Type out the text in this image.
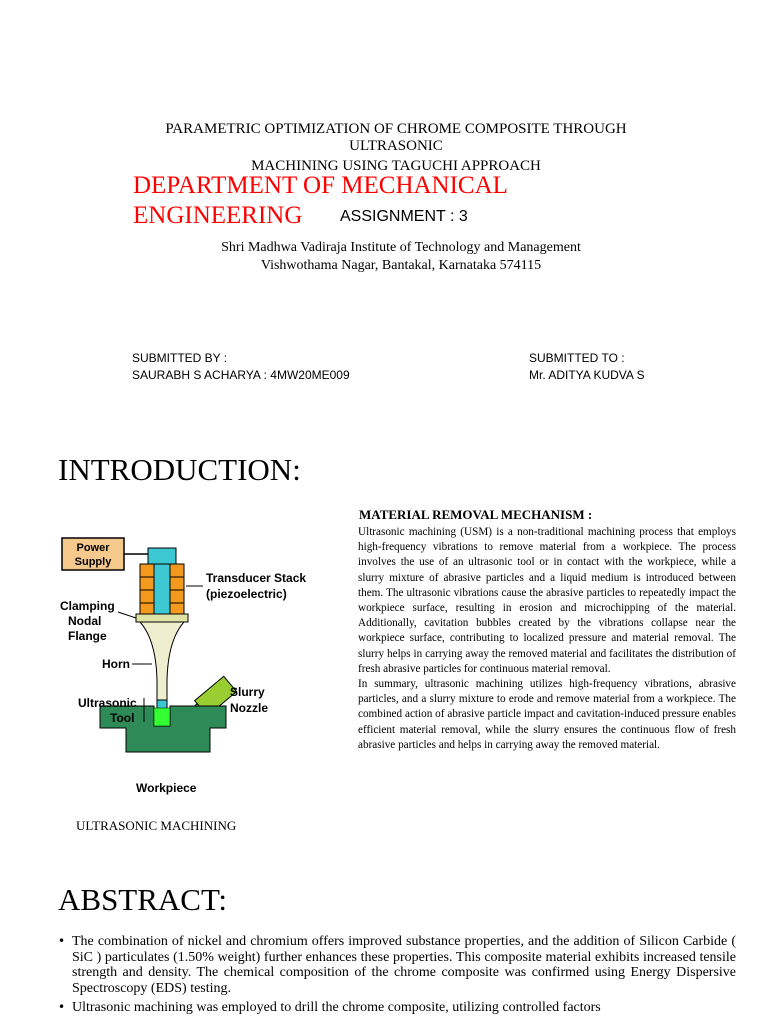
PARAMETRIC OPTIMIZATION OF CHROME COMPOSITE THROUGH
ULTRASONIC
MACHINING USING TAGUCHI APPROACH
DEPARTMENT OF MECHANICAL
ENGINEERING ASSIGNMENT : 3
Shri Madhwa Vadiraja Institute of Technology and Management
Vishwothama Nagar, Bantakal, Karnataka 574115
SUBMITTED BY :
SAURABH S ACHARYA : 4MW20ME009
SUBMITTED TO :
Mr. ADITYA KUDVA S
INTRODUCTION:
Power
Supply
Transducer Stack
(piezoelectric)
Clamping
Nodal
Flange
Horn
Ultrasonic
Tool
Slurry
Nozzle
Workpiece
ULTRASONIC MACHINING
MATERIAL REMOVAL MECHANISM :

Ultrasonic machining (USM) is a non-traditional machining process that employs high-frequency vibrations to remove material from a workpiece. The process involves the use of an ultrasonic tool or in contact with the workpiece, while a slurry mixture of abrasive particles and a liquid medium is introduced between them. The ultrasonic vibrations cause the abrasive particles to repeatedly impact the workpiece surface, resulting in erosion and microchipping of the material. Additionally, cavitation bubbles created by the vibrations collapse near the workpiece surface, contributing to localized pressure and material removal. The slurry helps in carrying away the removed material and facilitates the distribution of fresh abrasive particles for continuous material removal.

In summary, ultrasonic machining utilizes high-frequency vibrations, abrasive particles, and a slurry mixture to erode and remove material from a workpiece. The combined action of abrasive particle impact and cavitation-induced pressure enables efficient material removal, while the slurry ensures the continuous flow of fresh abrasive particles and helps in carrying away the removed material.

ABSTRACT:
• The combination of nickel and chromium offers improved substance properties, and the addition of Silicon Carbide ( SiC ) particulates (1.50% weight) further enhances these properties. This composite material exhibits increased tensile strength and density. The chemical composition of the chrome composite was confirmed using Energy Dispersive Spectroscopy (EDS) testing.
• Ultrasonic machining was employed to drill the chrome composite, utilizing controlled factors
